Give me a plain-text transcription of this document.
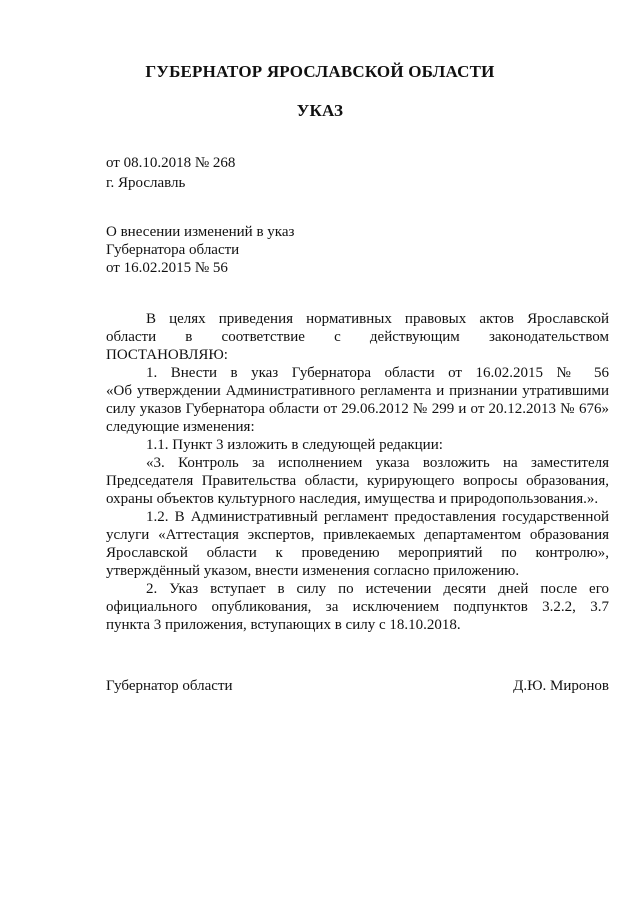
ГУБЕРНАТОР ЯРОСЛАВСКОЙ ОБЛАСТИ
УКАЗ
от 08.10.2018 № 268
г. Ярославль
О внесении изменений в указ
Губернатора области
от 16.02.2015 № 56

В целях приведения нормативных правовых актов Ярославской

области в соответствие с действующим законодательством

ПОСТАНОВЛЯЮ:

1. Внести в указ Губернатора области от 16.02.2015 № 56

«Об утверждении Административного регламента и признании утратившими

силу указов Губернатора области от 29.06.2012 № 299 и от 20.12.2013 № 676»

следующие изменения:

1.1. Пункт 3 изложить в следующей редакции:

«3. Контроль за исполнением указа возложить на заместителя

Председателя Правительства области, курирующего вопросы образования,

охраны объектов культурного наследия, имущества и природопользования.».

1.2. В Административный регламент предоставления государственной

услуги «Аттестация экспертов, привлекаемых департаментом образования

Ярославской области к проведению мероприятий по контролю»,

утверждённый указом, внести изменения согласно приложению.

2. Указ вступает в силу по истечении десяти дней после его

официального опубликования, за исключением подпунктов 3.2.2, 3.7

пункта 3 приложения, вступающих в силу с 18.10.2018.

Губернатор области	Д.Ю. Миронов
